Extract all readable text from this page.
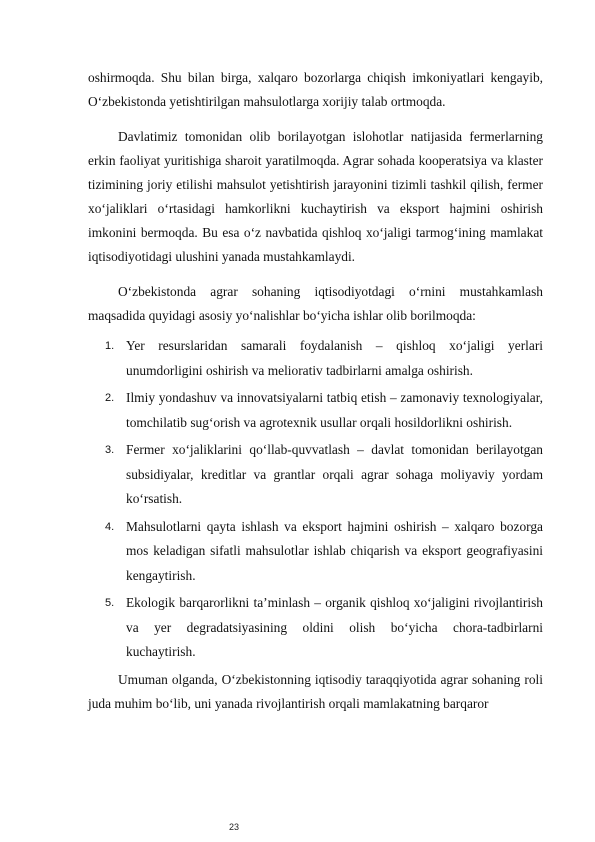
oshirmoqda. Shu bilan birga, xalqaro bozorlarga chiqish imkoniyatlari kengayib, O‘zbekistonda yetishtirilgan mahsulotlarga xorijiy talab ortmoqda.

Davlatimiz tomonidan olib borilayotgan islohotlar natijasida fermerlarning erkin faoliyat yuritishiga sharoit yaratilmoqda. Agrar sohada kooperatsiya va klaster tizimining joriy etilishi mahsulot yetishtirish jarayonini tizimli tashkil qilish, fermer xo‘jaliklari o‘rtasidagi hamkorlikni kuchaytirish va eksport hajmini oshirish imkonini bermoqda. Bu esa o‘z navbatida qishloq xo‘jaligi tarmog‘ining mamlakat iqtisodiyotidagi ulushini yanada mustahkamlaydi.

O‘zbekistonda agrar sohaning iqtisodiyotdagi o‘rnini mustahkamlash maqsadida quyidagi asosiy yo‘nalishlar bo‘yicha ishlar olib borilmoqda:

1. Yer resurslaridan samarali foydalanish – qishloq xo‘jaligi yerlari unumdorligini oshirish va meliorativ tadbirlarni amalga oshirish.
2. Ilmiy yondashuv va innovatsiyalarni tatbiq etish – zamonaviy texnologiyalar, tomchilatib sug‘orish va agrotexnik usullar orqali hosildorlikni oshirish.
3. Fermer xo‘jaliklarini qo‘llab-quvvatlash – davlat tomonidan berilayotgan subsidiyalar, kreditlar va grantlar orqali agrar sohaga moliyaviy yordam ko‘rsatish.
4. Mahsulotlarni qayta ishlash va eksport hajmini oshirish – xalqaro bozorga mos keladigan sifatli mahsulotlar ishlab chiqarish va eksport geografiyasini kengaytirish.
5. Ekologik barqarorlikni ta’minlash – organik qishloq xo‘jaligini rivojlantirish va yer degradatsiyasining oldini olish bo‘yicha chora-tadbirlarni kuchaytirish.

Umuman olganda, O‘zbekistonning iqtisodiy taraqqiyotida agrar sohaning roli juda muhim bo‘lib, uni yanada rivojlantirish orqali mamlakatning barqaror

23
